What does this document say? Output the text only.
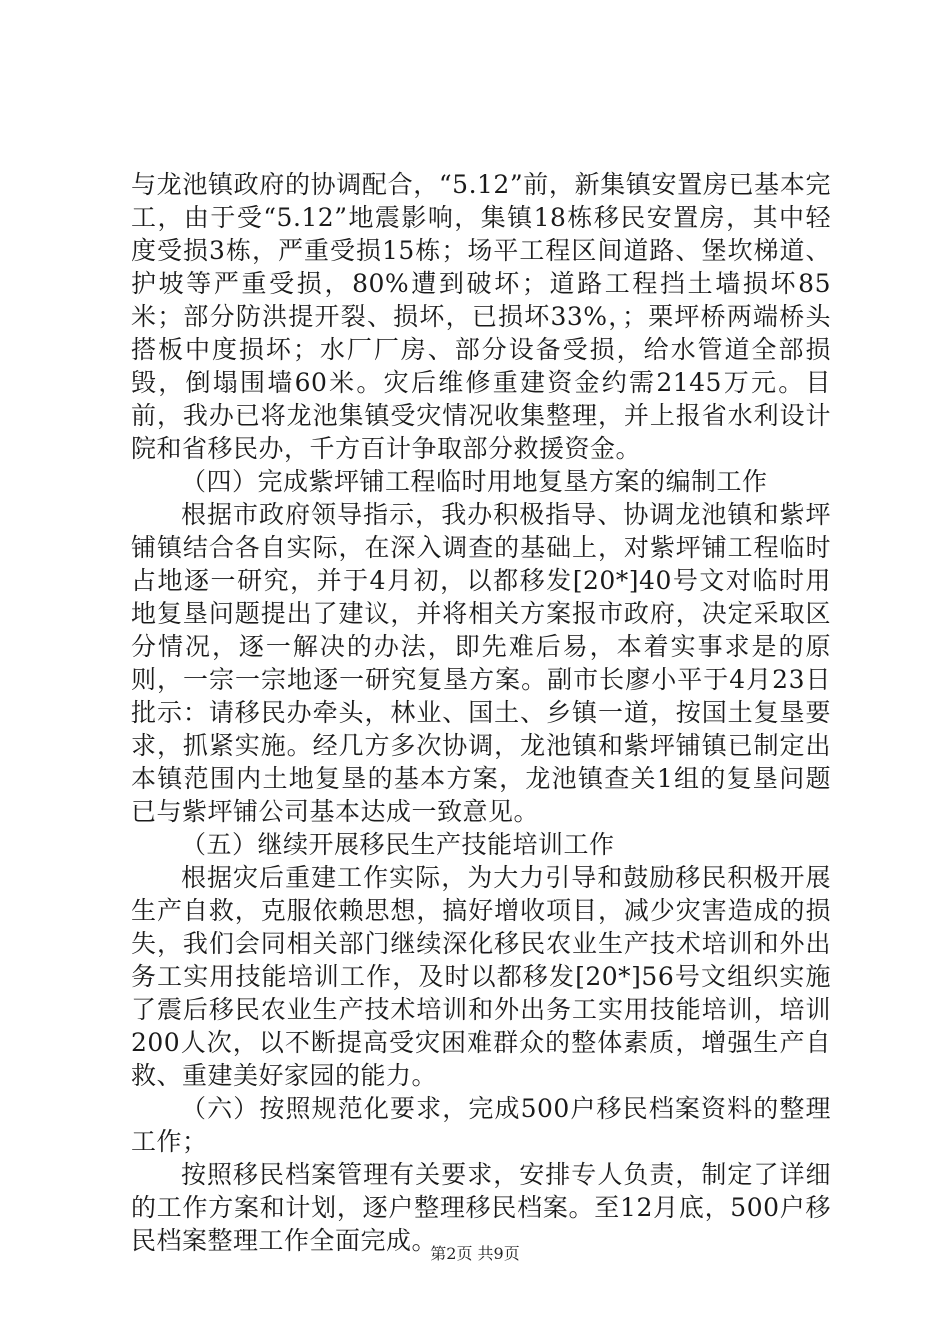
与龙池镇政府的协调配合，“5.12”前，新集镇安置房已基本完工，由于受“5.12”地震影响，集镇18栋移民安置房，其中轻度受损3栋，严重受损15栋；场平工程区间道路、堡坎梯道、护坡等严重受损，80%遭到破坏；道路工程挡土墙损坏85米；部分防洪提开裂、损坏，已损坏33%，；栗坪桥两端桥头搭板中度损坏；水厂厂房、部分设备受损，给水管道全部损毁，倒塌围墙60米。灾后维修重建资金约需2145万元。目前，我办已将龙池集镇受灾情况收集整理，并上报省水利设计院和省移民办，千方百计争取部分救援资金。

（四）完成紫坪铺工程临时用地复垦方案的编制工作

根据市政府领导指示，我办积极指导、协调龙池镇和紫坪铺镇结合各自实际，在深入调查的基础上，对紫坪铺工程临时占地逐一研究，并于4月初，以都移发[20*]40号文对临时用地复垦问题提出了建议，并将相关方案报市政府，决定采取区分情况，逐一解决的办法，即先难后易，本着实事求是的原则，一宗一宗地逐一研究复垦方案。副市长廖小平于4月23日批示：请移民办牵头，林业、国土、乡镇一道，按国土复垦要求，抓紧实施。经几方多次协调，龙池镇和紫坪铺镇已制定出本镇范围内土地复垦的基本方案，龙池镇查关1组的复垦问题已与紫坪铺公司基本达成一致意见。

（五）继续开展移民生产技能培训工作

根据灾后重建工作实际，为大力引导和鼓励移民积极开展生产自救，克服依赖思想，搞好增收项目，减少灾害造成的损失，我们会同相关部门继续深化移民农业生产技术培训和外出务工实用技能培训工作，及时以都移发[20*]56号文组织实施了震后移民农业生产技术培训和外出务工实用技能培训，培训200人次，以不断提高受灾困难群众的整体素质，增强生产自救、重建美好家园的能力。

（六）按照规范化要求，完成500户移民档案资料的整理工作；

按照移民档案管理有关要求，安排专人负责，制定了详细的工作方案和计划，逐户整理移民档案。至12月底，500户移民档案整理工作全面完成。

第2页 共9页
